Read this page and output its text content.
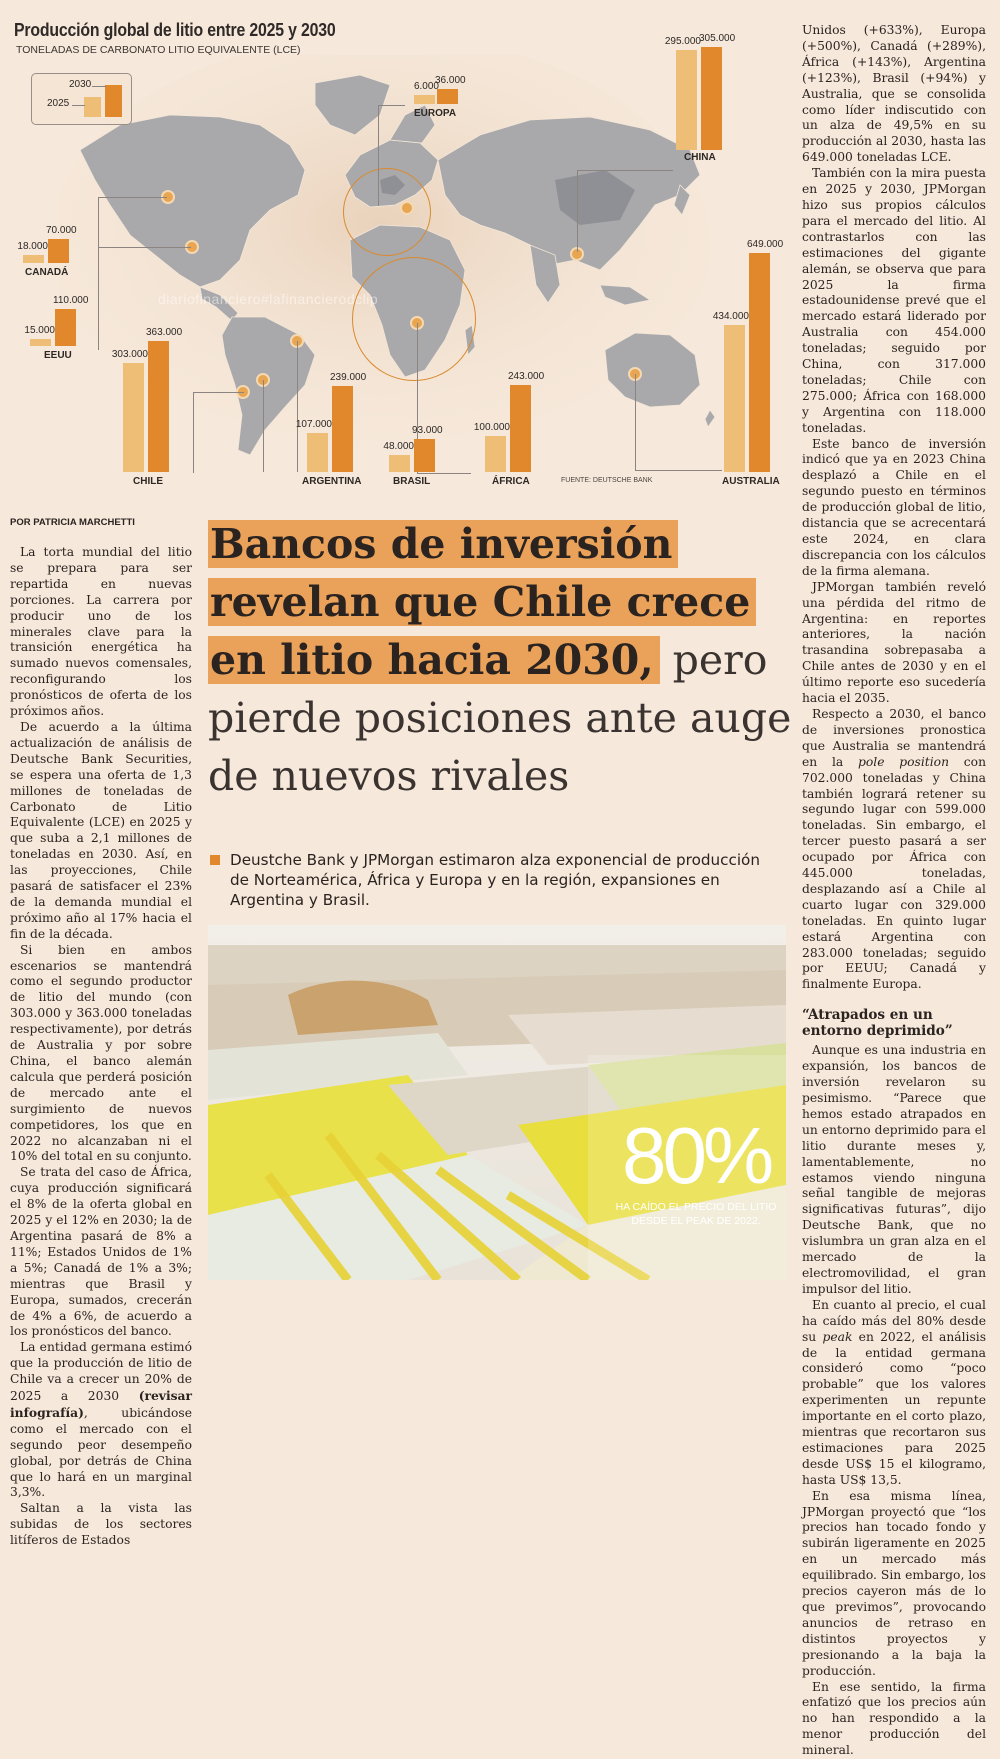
Producción global de litio entre 2025 y 2030
TONELADAS DE CARBONATO LITIO EQUIVALENTE (LCE)
diariofinanciero#lafinancierodclip
2030
2025
6.000
36.000
EUROPA
295.000
305.000
CHINA
18.000
70.000
CANADÁ
15.000
110.000
EEUU	303.000
363.000
CHILE
107.000
239.000
ARGENTINA
48.000
93.000
BRASIL
100.000
243.000
ÁFRICA
434.000
649.000
AUSTRALIA
FUENTE: DEUTSCHE BANK
POR PATRICIA MARCHETTI

La torta mundial del litio se prepara para ser repartida en nuevas porciones. La carrera por producir uno de los minerales clave para la transición energética ha sumado nuevos comensales, reconfigurando los pronósticos de oferta de los próximos años.

De acuerdo a la última actualización de análisis de Deutsche Bank Securities, se espera una oferta de 1,3 millones de toneladas de Carbonato de Litio Equivalente (LCE) en 2025 y que suba a 2,1 millones de toneladas en 2030. Así, en las proyecciones, Chile pasará de satisfacer el 23% de la demanda mundial el próximo año al 17% hacia el fin de la década.

Si bien en ambos escenarios se mantendrá como el segundo productor de litio del mundo (con 303.000 y 363.000 toneladas respectivamente), por detrás de Australia y por sobre China, el banco alemán calcula que perderá posición de mercado ante el surgimiento de nuevos competidores, los que en 2022 no alcanzaban ni el 10% del total en su conjunto.

Se trata del caso de África, cuya producción significará el 8% de la oferta global en 2025 y el 12% en 2030; la de Argentina pasará de 8% a 11%; Estados Unidos de 1% a 5%; Canadá de 1% a 3%; mientras que Brasil y Europa, sumados, crecerán de 4% a 6%, de acuerdo a los pronósticos del banco.

La entidad germana estimó que la producción de litio de Chile va a crecer un 20% de 2025 a 2030 (revisar infografía), ubicándose como el mercado con el segundo peor desempeño global, por detrás de China que lo hará en un marginal 3,3%.

Saltan a la vista las subidas de los sectores litíferos de Estados

Bancos de inversión revelan que Chile crece en litio hacia 2030, pero pierde posiciones ante auge de nuevos rivales
Deustche Bank y JPMorgan estimaron alza exponencial de producción de Norteamérica, África y Europa y en la región, expansiones en Argentina y Brasil.
80%
HA CAÍDO EL PRECIO DEL LITIO DESDE EL PEAK DE 2022.

Unidos (+633%), Europa (+500%), Canadá (+289%), África (+143%), Argentina (+123%), Brasil (+94%) y Australia, que se consolida como líder indiscutido con un alza de 49,5% en su producción al 2030, hasta las 649.000 toneladas LCE.

También con la mira puesta en 2025 y 2030, JPMorgan hizo sus propios cálculos para el mercado del litio. Al contrastarlos con las estimaciones del gigante alemán, se observa que para 2025 la firma estadounidense prevé que el mercado estará liderado por Australia con 454.000 toneladas; seguido por China, con 317.000 toneladas; Chile con 275.000; África con 168.000 y Argentina con 118.000 toneladas.

Este banco de inversión indicó que ya en 2023 China desplazó a Chile en el segundo puesto en términos de producción global de litio, distancia que se acrecentará este 2024, en clara discrepancia con los cálculos de la firma alemana.

JPMorgan también reveló una pérdida del ritmo de Argentina: en reportes anteriores, la nación trasandina sobrepasaba a Chile antes de 2030 y en el último reporte eso sucedería hacia el 2035.

Respecto a 2030, el banco de inversiones pronostica que Australia se mantendrá en la pole position con 702.000 toneladas y China también logrará retener su segundo lugar con 599.000 toneladas. Sin embargo, el tercer puesto pasará a ser ocupado por África con 445.000 toneladas, desplazando así a Chile al cuarto lugar con 329.000 toneladas. En quinto lugar estará Argentina con 283.000 toneladas; seguido por EEUU; Canadá y finalmente Europa.

“Atrapados en un entorno deprimido”

Aunque es una industria en expansión, los bancos de inversión revelaron su pesimismo. “Parece que hemos estado atrapados en un entorno deprimido para el litio durante meses y, lamentablemente, no estamos viendo ninguna señal tangible de mejoras significativas futuras”, dijo Deutsche Bank, que no vislumbra un gran alza en el mercado de la electromovilidad, el gran impulsor del litio.

En cuanto al precio, el cual ha caído más del 80% desde su peak en 2022, el análisis de la entidad germana consideró como “poco probable” que los valores experimenten un repunte importante en el corto plazo, mientras que recortaron sus estimaciones para 2025 desde US$ 15 el kilogramo, hasta US$ 13,5.

En esa misma línea, JPMorgan proyectó que “los precios han tocado fondo y subirán ligeramente en 2025 en un mercado más equilibrado. Sin embargo, los precios cayeron más de lo que previmos”, provocando anuncios de retraso en distintos proyectos y presionando a la baja la producción.

En ese sentido, la firma enfatizó que los precios aún no han respondido a la menor producción del mineral.
